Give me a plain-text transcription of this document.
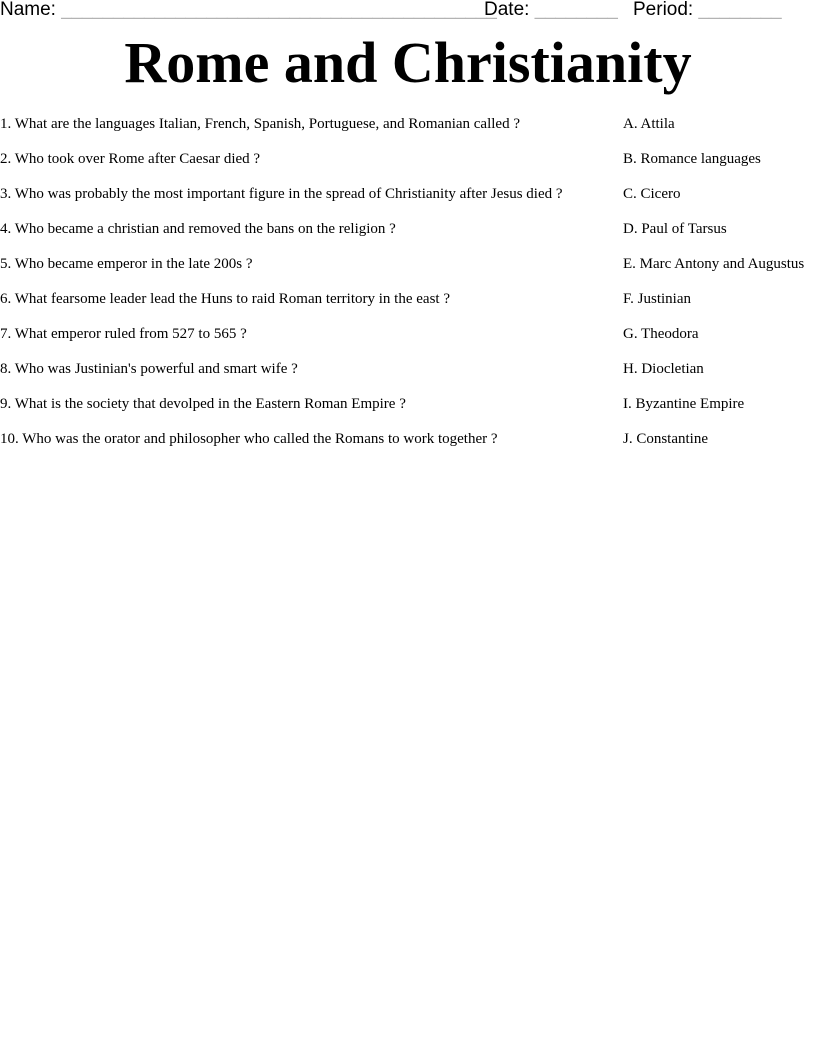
Name: __________________________________________
Date: ________ Period: ________
Rome and Christianity
1. What are the languages Italian, French, Spanish, Portuguese, and Romanian called ?	A. Attila
2. Who took over Rome after Caesar died ?	B. Romance languages
3. Who was probably the most important figure in the spread of Christianity after Jesus died ?	C. Cicero
4. Who became a christian and removed the bans on the religion ?	D. Paul of Tarsus
5. Who became emperor in the late 200s ?	E. Marc Antony and Augustus
6. What fearsome leader lead the Huns to raid Roman territory in the east ?	F. Justinian
7. What emperor ruled from 527 to 565 ?	G. Theodora
8. Who was Justinian's powerful and smart wife ?	H. Diocletian
9. What is the society that devolped in the Eastern Roman Empire ?	I. Byzantine Empire
10. Who was the orator and philosopher who called the Romans to work together ?	J. Constantine
